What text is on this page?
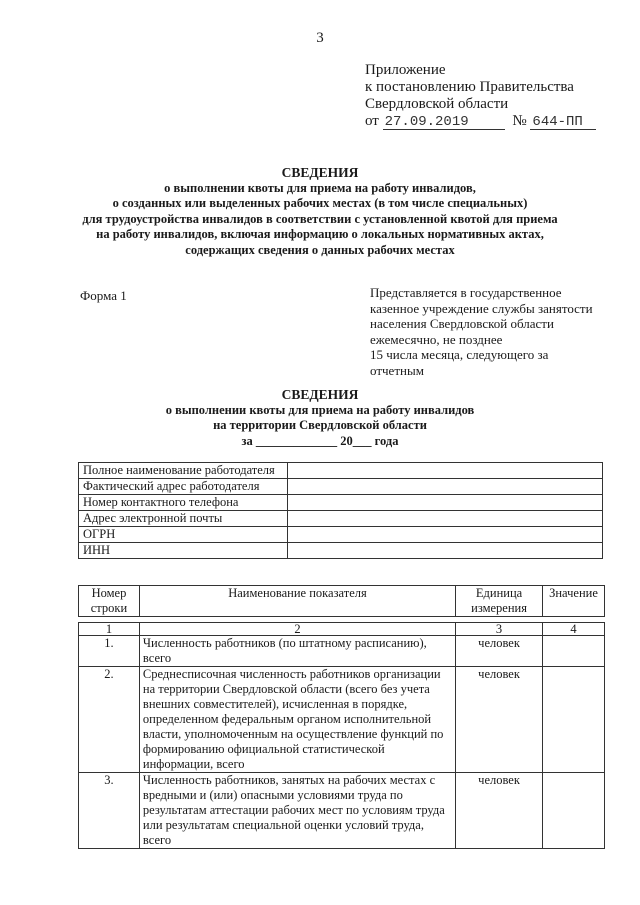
3
Приложение
к постановлению Правительства
Свердловской области
от 27.09.2019	№ 644-ПП
СВЕДЕНИЯ
о выполнении квоты для приема на работу инвалидов,
о созданных или выделенных рабочих местах (в том числе специальных)
для трудоустройства инвалидов в соответствии с установленной квотой для приема
на работу инвалидов, включая информацию о локальных нормативных актах,
содержащих сведения о данных рабочих местах
Форма 1	Представляется в государственное
казенное учреждение службы занятости
населения Свердловской области
ежемесячно, не позднее
15 числа месяца, следующего за
отчетным
СВЕДЕНИЯ
о выполнении квоты для приема на работу инвалидов
на территории Свердловской области
за _____________ 20___ года
Полное наименование работодателя	
Фактический адрес работодателя	
Номер контактного телефона	
Адрес электронной почты	
ОГРН	
ИНН	
Номер строки	Наименование показателя	Единица измерения	Значение

1	2	3	4
1.	Численность работников (по штатному расписанию), всего	человек	
2.	Среднесписочная численность работников организации на территории Свердловской области (всего без учета внешних совместителей), исчисленная в порядке, определенном федеральным органом исполнительной власти, уполномоченным на осуществление функций по формированию официальной статистической информации, всего	человек	
3.	Численность работников, занятых на рабочих местах с вредными и (или) опасными условиями труда по результатам аттестации рабочих мест по условиям труда или результатам специальной оценки условий труда, всего	человек	
